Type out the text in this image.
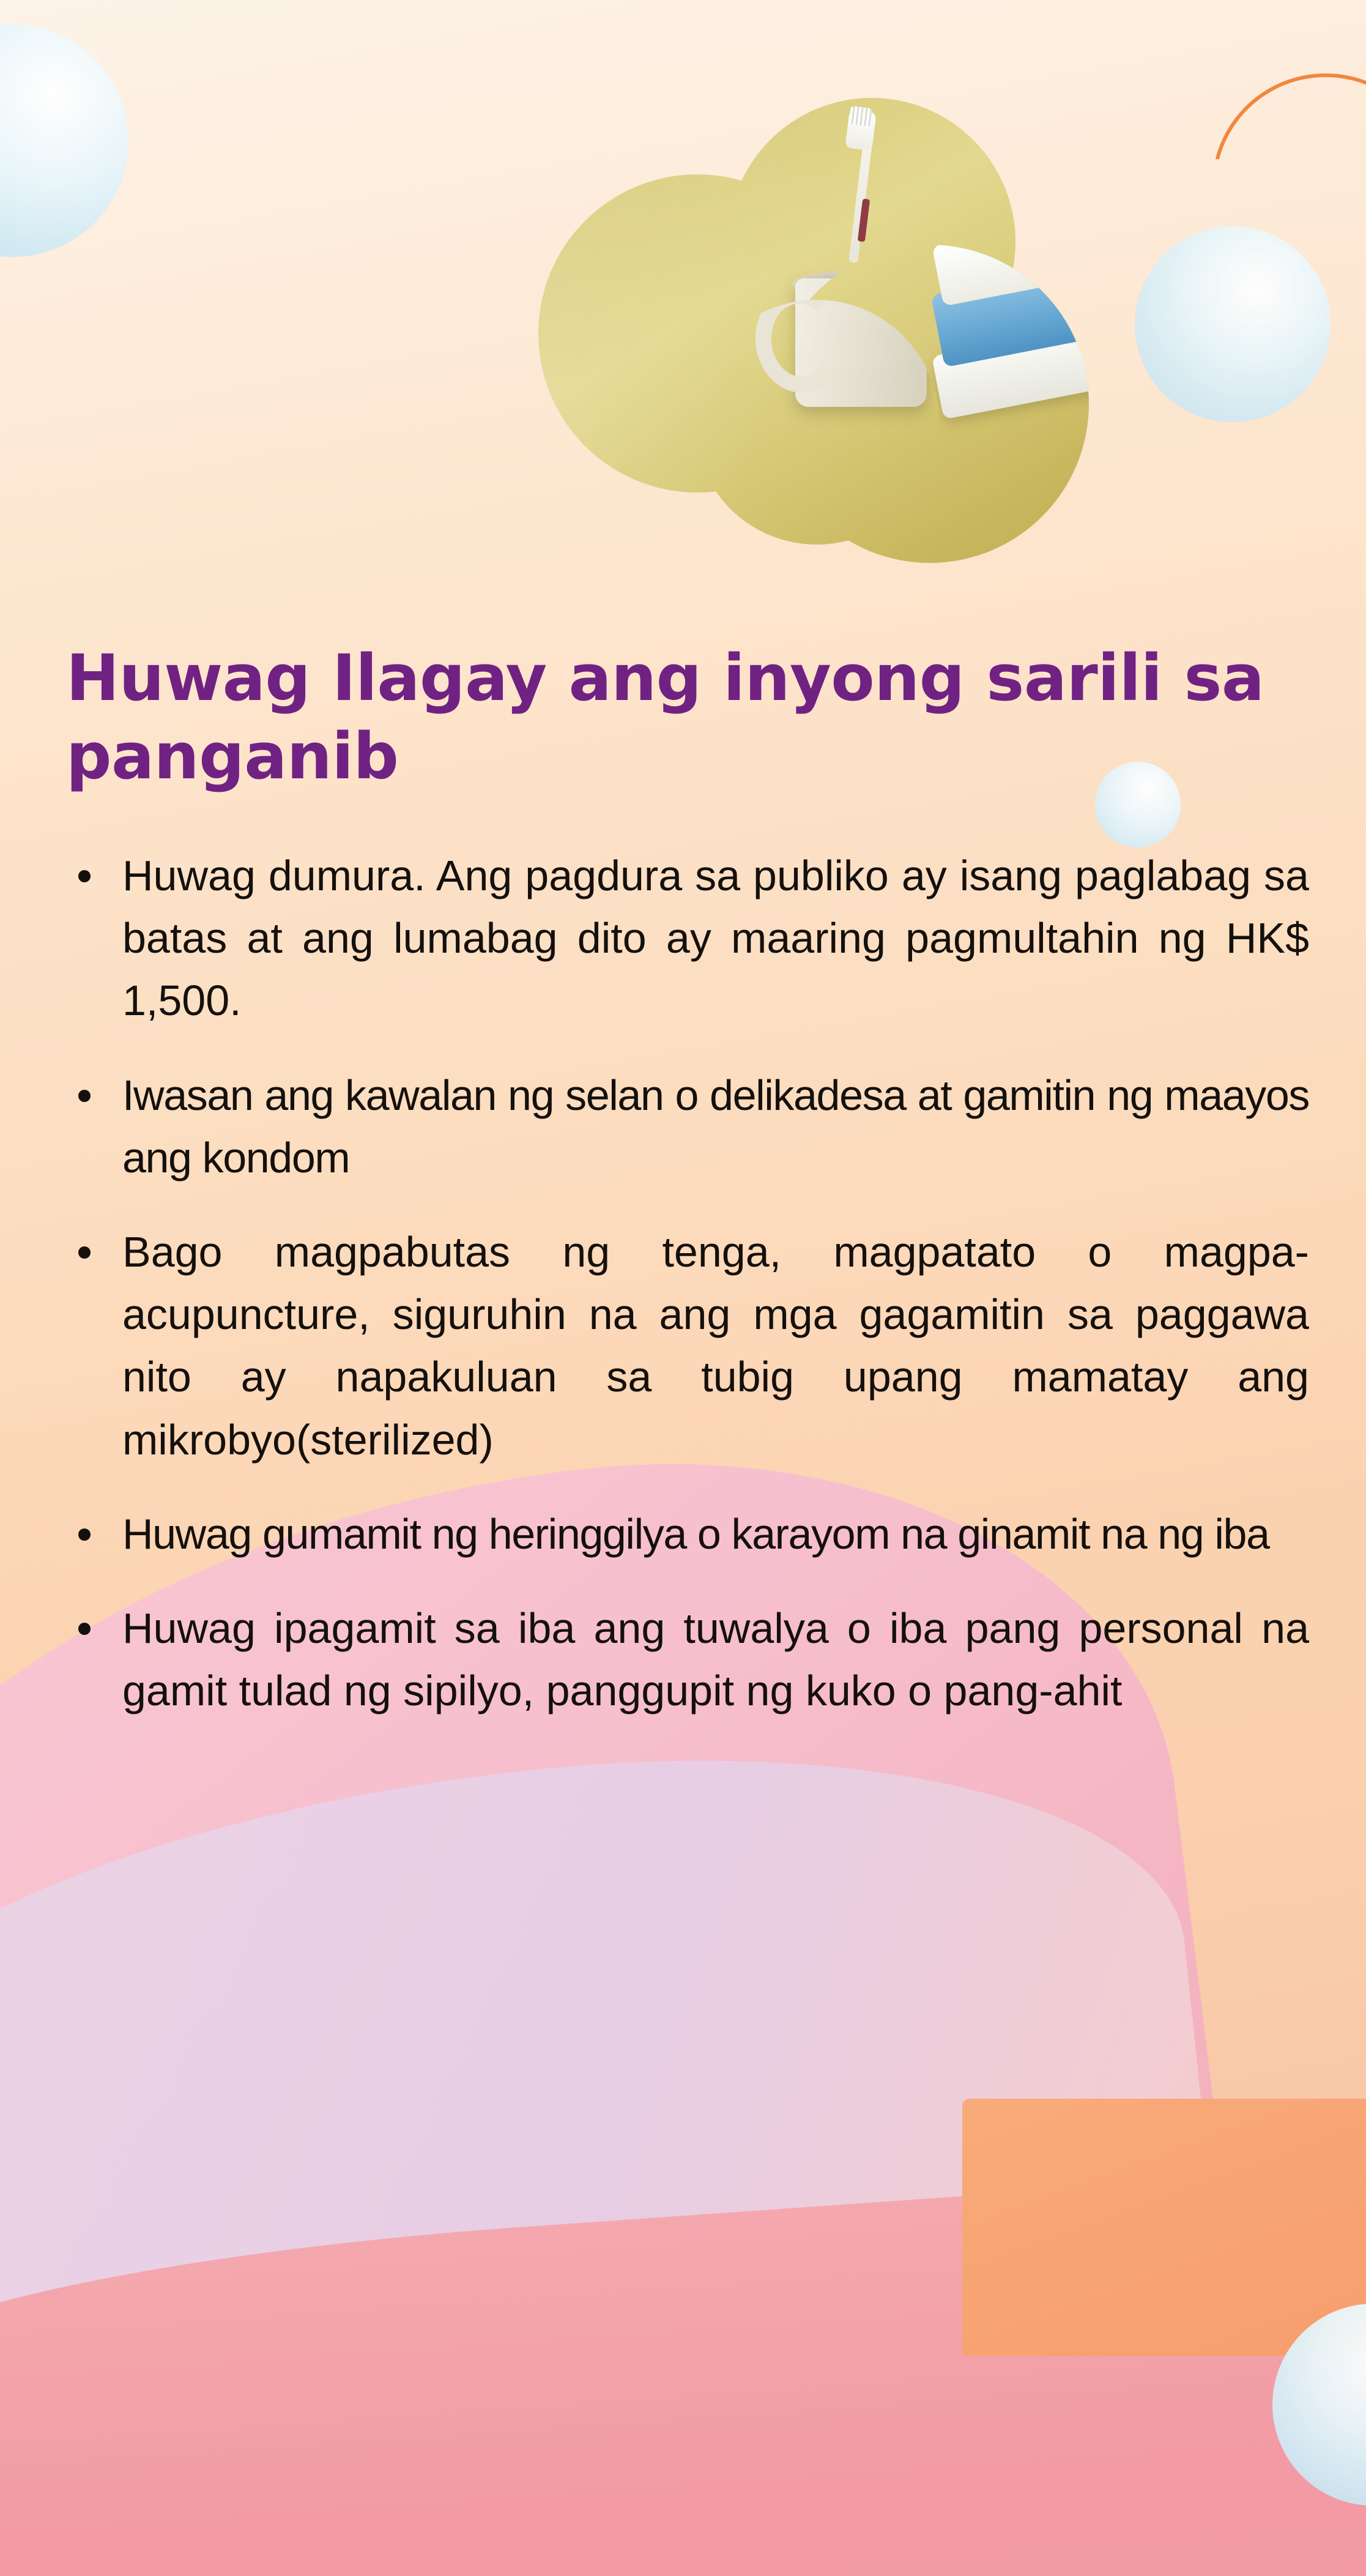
Huwag Ilagay ang inyong sarili sa panganib
Huwag dumura. Ang pagdura sa publiko ay isang paglabag sa batas at ang lumabag dito ay maaring pagmultahin ng HK$ 1,500.
Iwasan ang kawalan ng selan o delikadesa at gamitin ng maayos ang kondom
Bago magpabutas ng tenga, magpatato o magpa-acupuncture, siguruhin na ang mga gagamitin sa paggawa nito ay napakuluan sa tubig upang mamatay ang mikrobyo(sterilized)
Huwag gumamit ng heringgilya o karayom na ginamit na ng iba
Huwag ipagamit sa iba ang tuwalya o iba pang personal na gamit tulad ng sipilyo, panggupit ng kuko o pang-ahit
